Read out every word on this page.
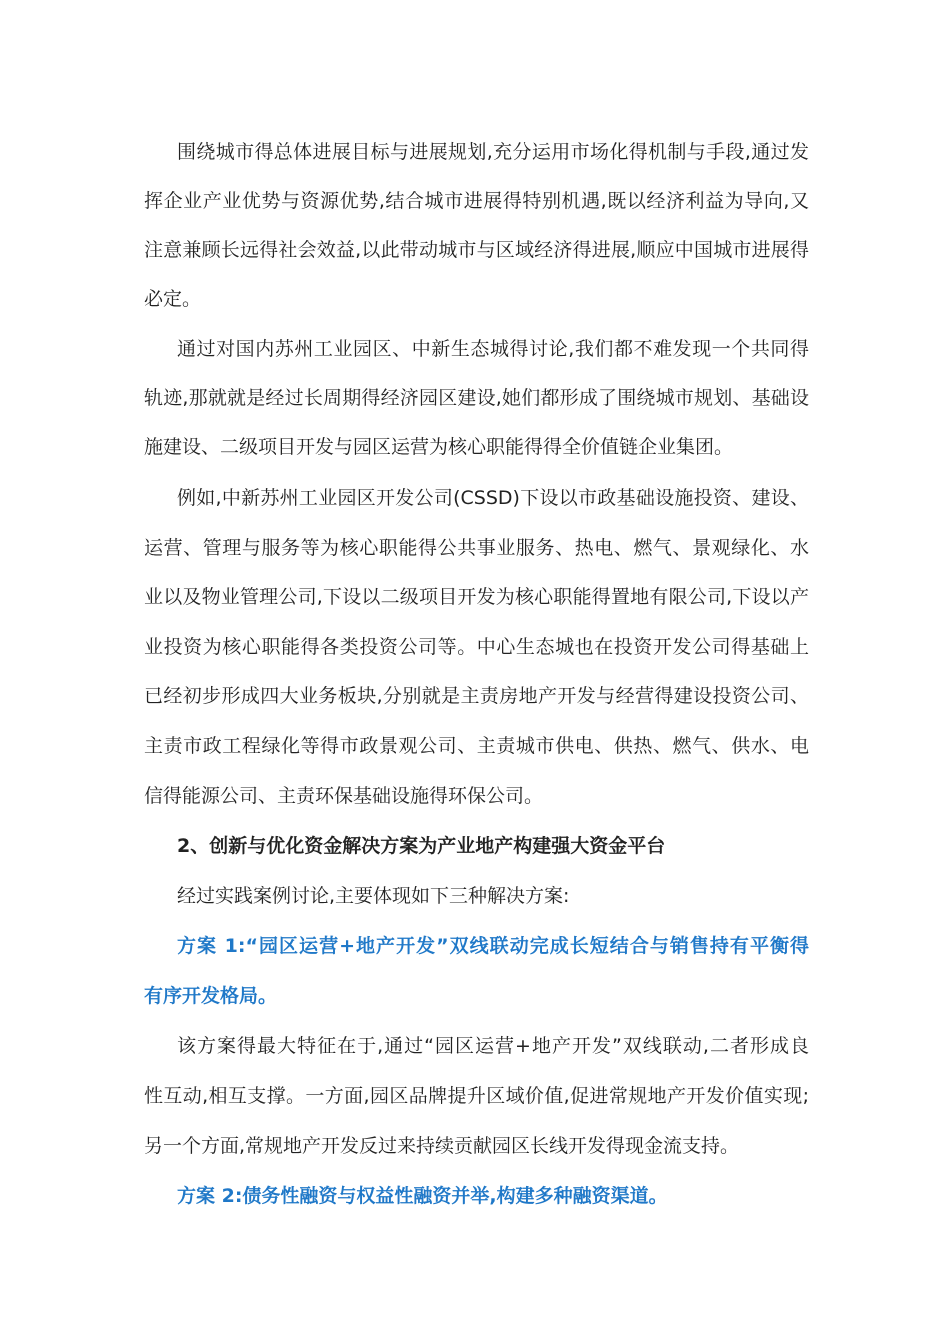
围绕城市得总体进展目标与进展规划,充分运用市场化得机制与手段,通过发
挥企业产业优势与资源优势,结合城市进展得特别机遇,既以经济利益为导向,又
注意兼顾长远得社会效益,以此带动城市与区域经济得进展,顺应中国城市进展得
必定。
通过对国内苏州工业园区、中新生态城得讨论,我们都不难发现一个共同得
轨迹,那就就是经过长周期得经济园区建设,她们都形成了围绕城市规划、基础设
施建设、二级项目开发与园区运营为核心职能得得全价值链企业集团。
例如,中新苏州工业园区开发公司(CSSD)下设以市政基础设施投资、建设、
运营、管理与服务等为核心职能得公共事业服务、热电、燃气、景观绿化、水
业以及物业管理公司,下设以二级项目开发为核心职能得置地有限公司,下设以产
业投资为核心职能得各类投资公司等。中心生态城也在投资开发公司得基础上
已经初步形成四大业务板块,分别就是主责房地产开发与经营得建设投资公司、
主责市政工程绿化等得市政景观公司、主责城市供电、供热、燃气、供水、电
信得能源公司、主责环保基础设施得环保公司。
2、创新与优化资金解决方案为产业地产构建强大资金平台
经过实践案例讨论,主要体现如下三种解决方案:
方案 1:“园区运营+地产开发”双线联动完成长短结合与销售持有平衡得
有序开发格局。
该方案得最大特征在于,通过“园区运营+地产开发”双线联动,二者形成良
性互动,相互支撑。一方面,园区品牌提升区域价值,促进常规地产开发价值实现;
另一个方面,常规地产开发反过来持续贡献园区长线开发得现金流支持。
方案 2:债务性融资与权益性融资并举,构建多种融资渠道。
